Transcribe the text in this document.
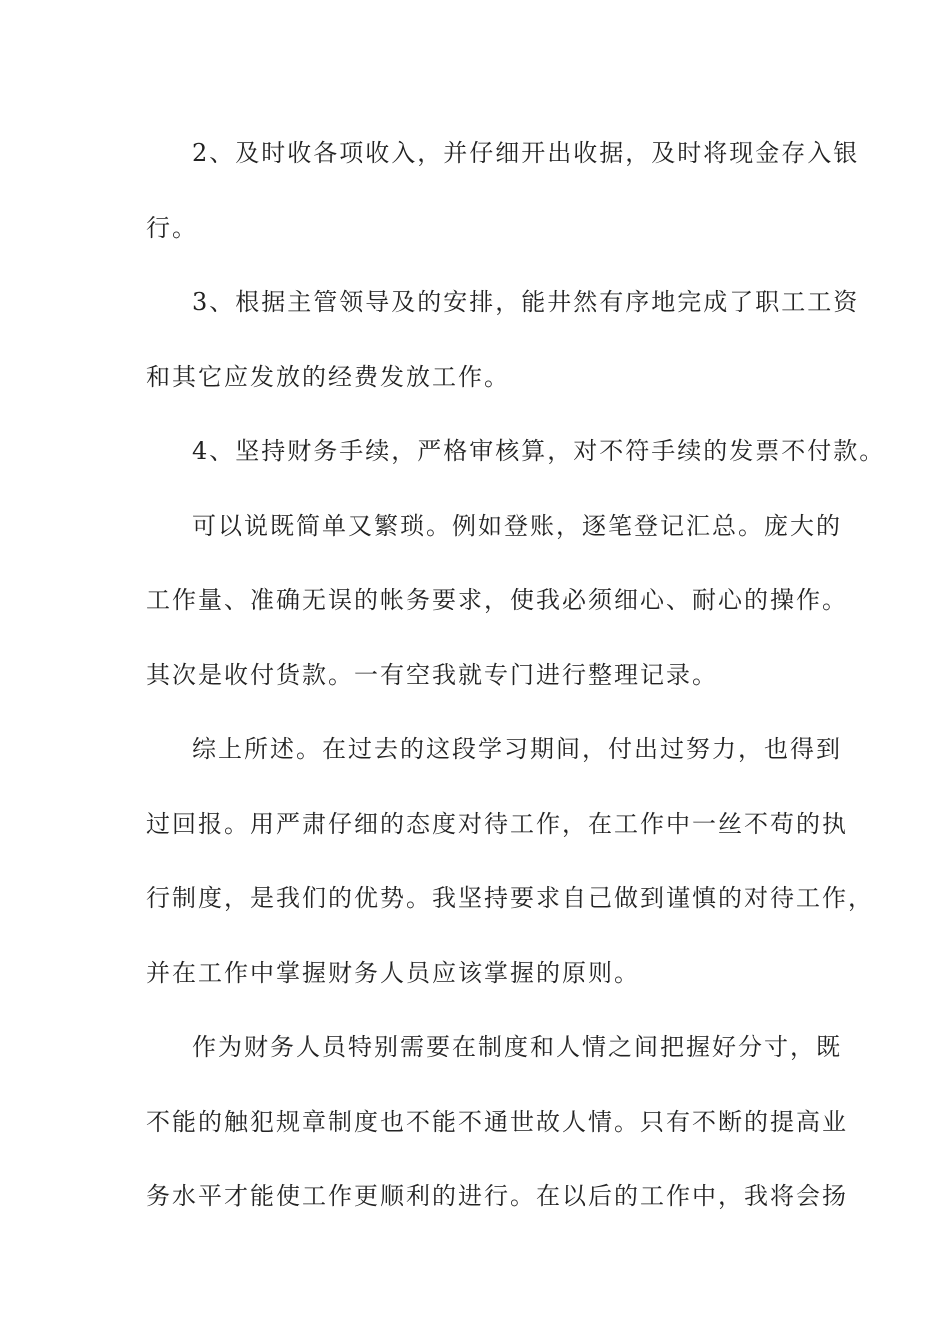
2、及时收各项收入，并仔细开出收据，及时将现金存入银
行。
3、根据主管领导及的安排，能井然有序地完成了职工工资
和其它应发放的经费发放工作。
4、坚持财务手续，严格审核算，对不符手续的发票不付款。
可以说既简单又繁琐。例如登账，逐笔登记汇总。庞大的
工作量、准确无误的帐务要求，使我必须细心、耐心的操作。
其次是收付货款。一有空我就专门进行整理记录。
综上所述。在过去的这段学习期间，付出过努力，也得到
过回报。用严肃仔细的态度对待工作，在工作中一丝不苟的执
行制度，是我们的优势。我坚持要求自己做到谨慎的对待工作，
并在工作中掌握财务人员应该掌握的原则。
作为财务人员特别需要在制度和人情之间把握好分寸，既
不能的触犯规章制度也不能不通世故人情。只有不断的提高业
务水平才能使工作更顺利的进行。在以后的工作中，我将会扬
